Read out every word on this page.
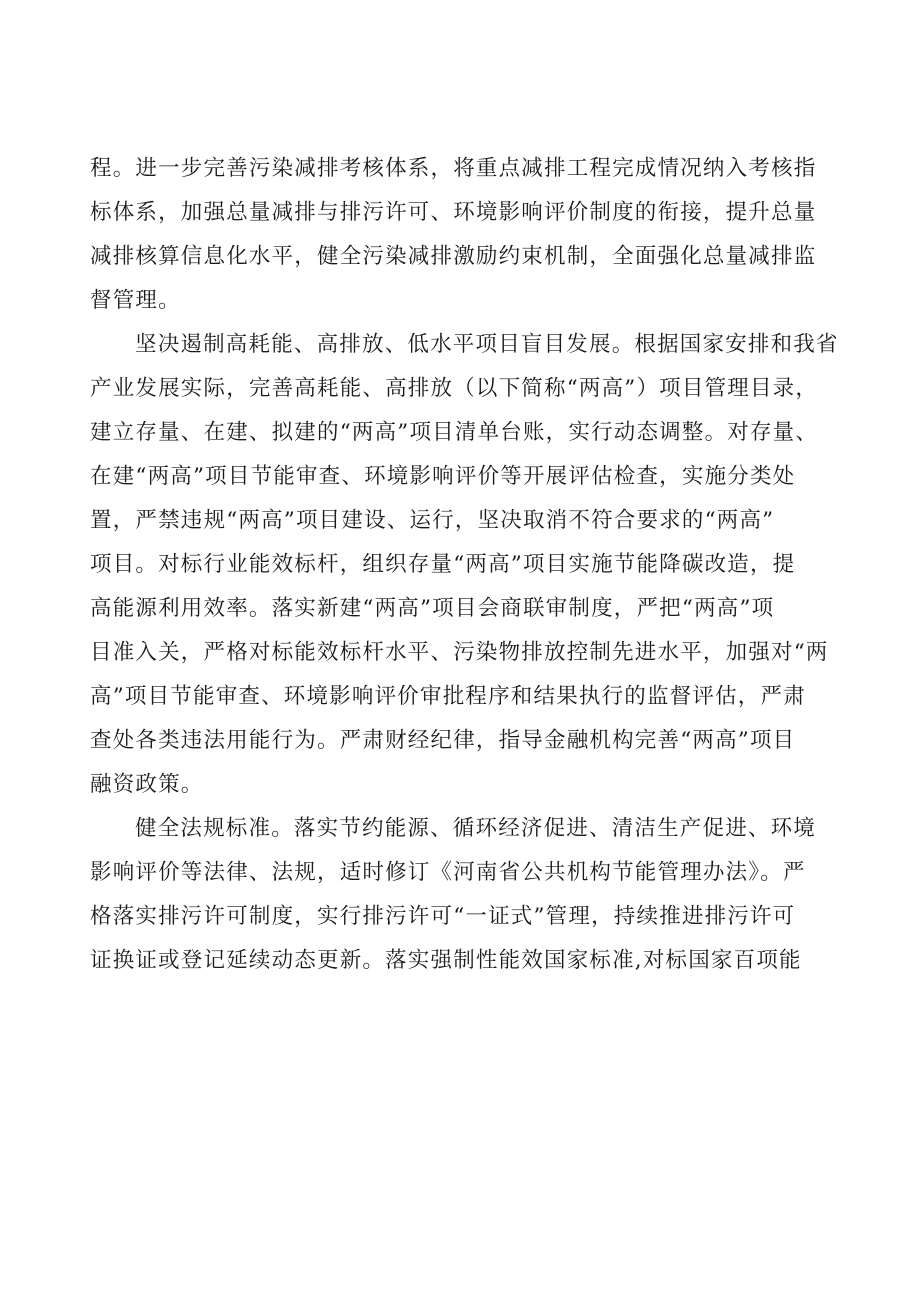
程。进一步完善污染减排考核体系，将重点减排工程完成情况纳入考核指
标体系，加强总量减排与排污许可、环境影响评价制度的衔接，提升总量
减排核算信息化水平，健全污染减排激励约束机制，全面强化总量减排监
督管理。
坚决遏制高耗能、高排放、低水平项目盲目发展。根据国家安排和我省
产业发展实际，完善高耗能、高排放（以下简称“两高”）项目管理目录，
建立存量、在建、拟建的“两高”项目清单台账，实行动态调整。对存量、
在建“两高”项目节能审查、环境影响评价等开展评估检查，实施分类处
置，严禁违规“两高”项目建设、运行，坚决取消不符合要求的“两高”
项目。对标行业能效标杆，组织存量“两高”项目实施节能降碳改造，提
高能源利用效率。落实新建“两高”项目会商联审制度，严把“两高”项
目准入关，严格对标能效标杆水平、污染物排放控制先进水平，加强对“两
高”项目节能审查、环境影响评价审批程序和结果执行的监督评估，严肃
查处各类违法用能行为。严肃财经纪律，指导金融机构完善“两高”项目
融资政策。
健全法规标准。落实节约能源、循环经济促进、清洁生产促进、环境
影响评价等法律、法规，适时修订《河南省公共机构节能管理办法》。严
格落实排污许可制度，实行排污许可“一证式”管理，持续推进排污许可
证换证或登记延续动态更新。落实强制性能效国家标准,对标国家百项能
